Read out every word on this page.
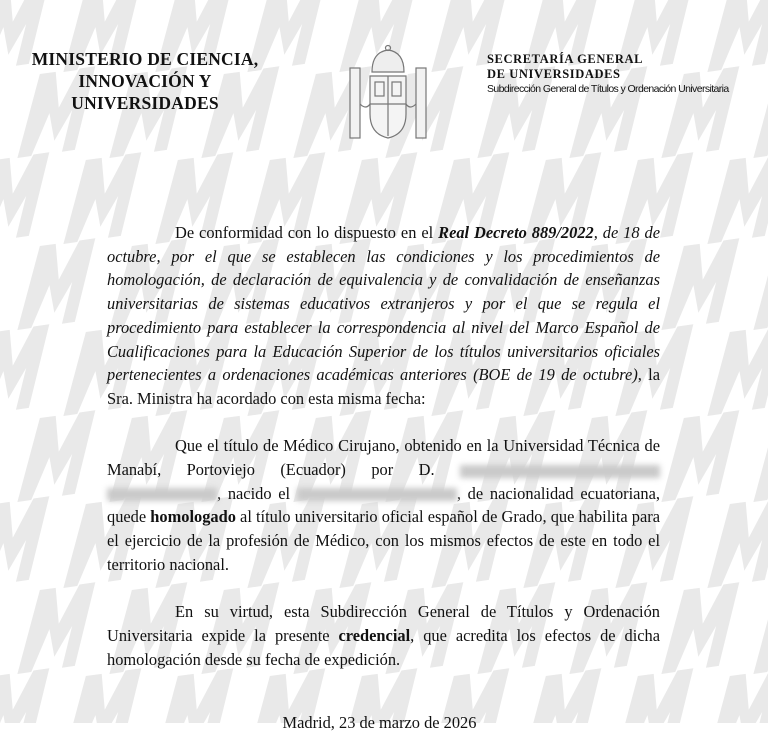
MINISTERIO DE CIENCIA,
INNOVACIÓN Y
UNIVERSIDADES
SECRETARÍA GENERAL
DE UNIVERSIDADES
Subdirección General de Títulos y Ordenación Universitaria

De conformidad con lo dispuesto en el Real Decreto 889/2022, de 18 de octubre, por el que se establecen las condiciones y los procedimientos de homologación, de declaración de equivalencia y de convalidación de enseñanzas universitarias de sistemas educativos extranjeros y por el que se regula el procedimiento para establecer la correspondencia al nivel del Marco Español de Cualificaciones para la Educación Superior de los títulos universitarios oficiales pertenecientes a ordenaciones académicas anteriores (BOE de 19 de octubre), la Sra. Ministra ha acordado con esta misma fecha:

Que el título de Médico Cirujano, obtenido en la Universidad Técnica de Manabí, Portoviejo (Ecuador) por D.  , nacido el	, de nacionalidad ecuatoriana, quede homologado al título universitario oficial español de Grado, que habilita para el ejercicio de la profesión de Médico, con los mismos efectos de este en todo el territorio nacional.

En su virtud, esta Subdirección General de Títulos y Ordenación Universitaria expide la presente credencial, que acredita los efectos de dicha homologación desde su fecha de expedición.

Madrid, 23 de marzo de 2026
